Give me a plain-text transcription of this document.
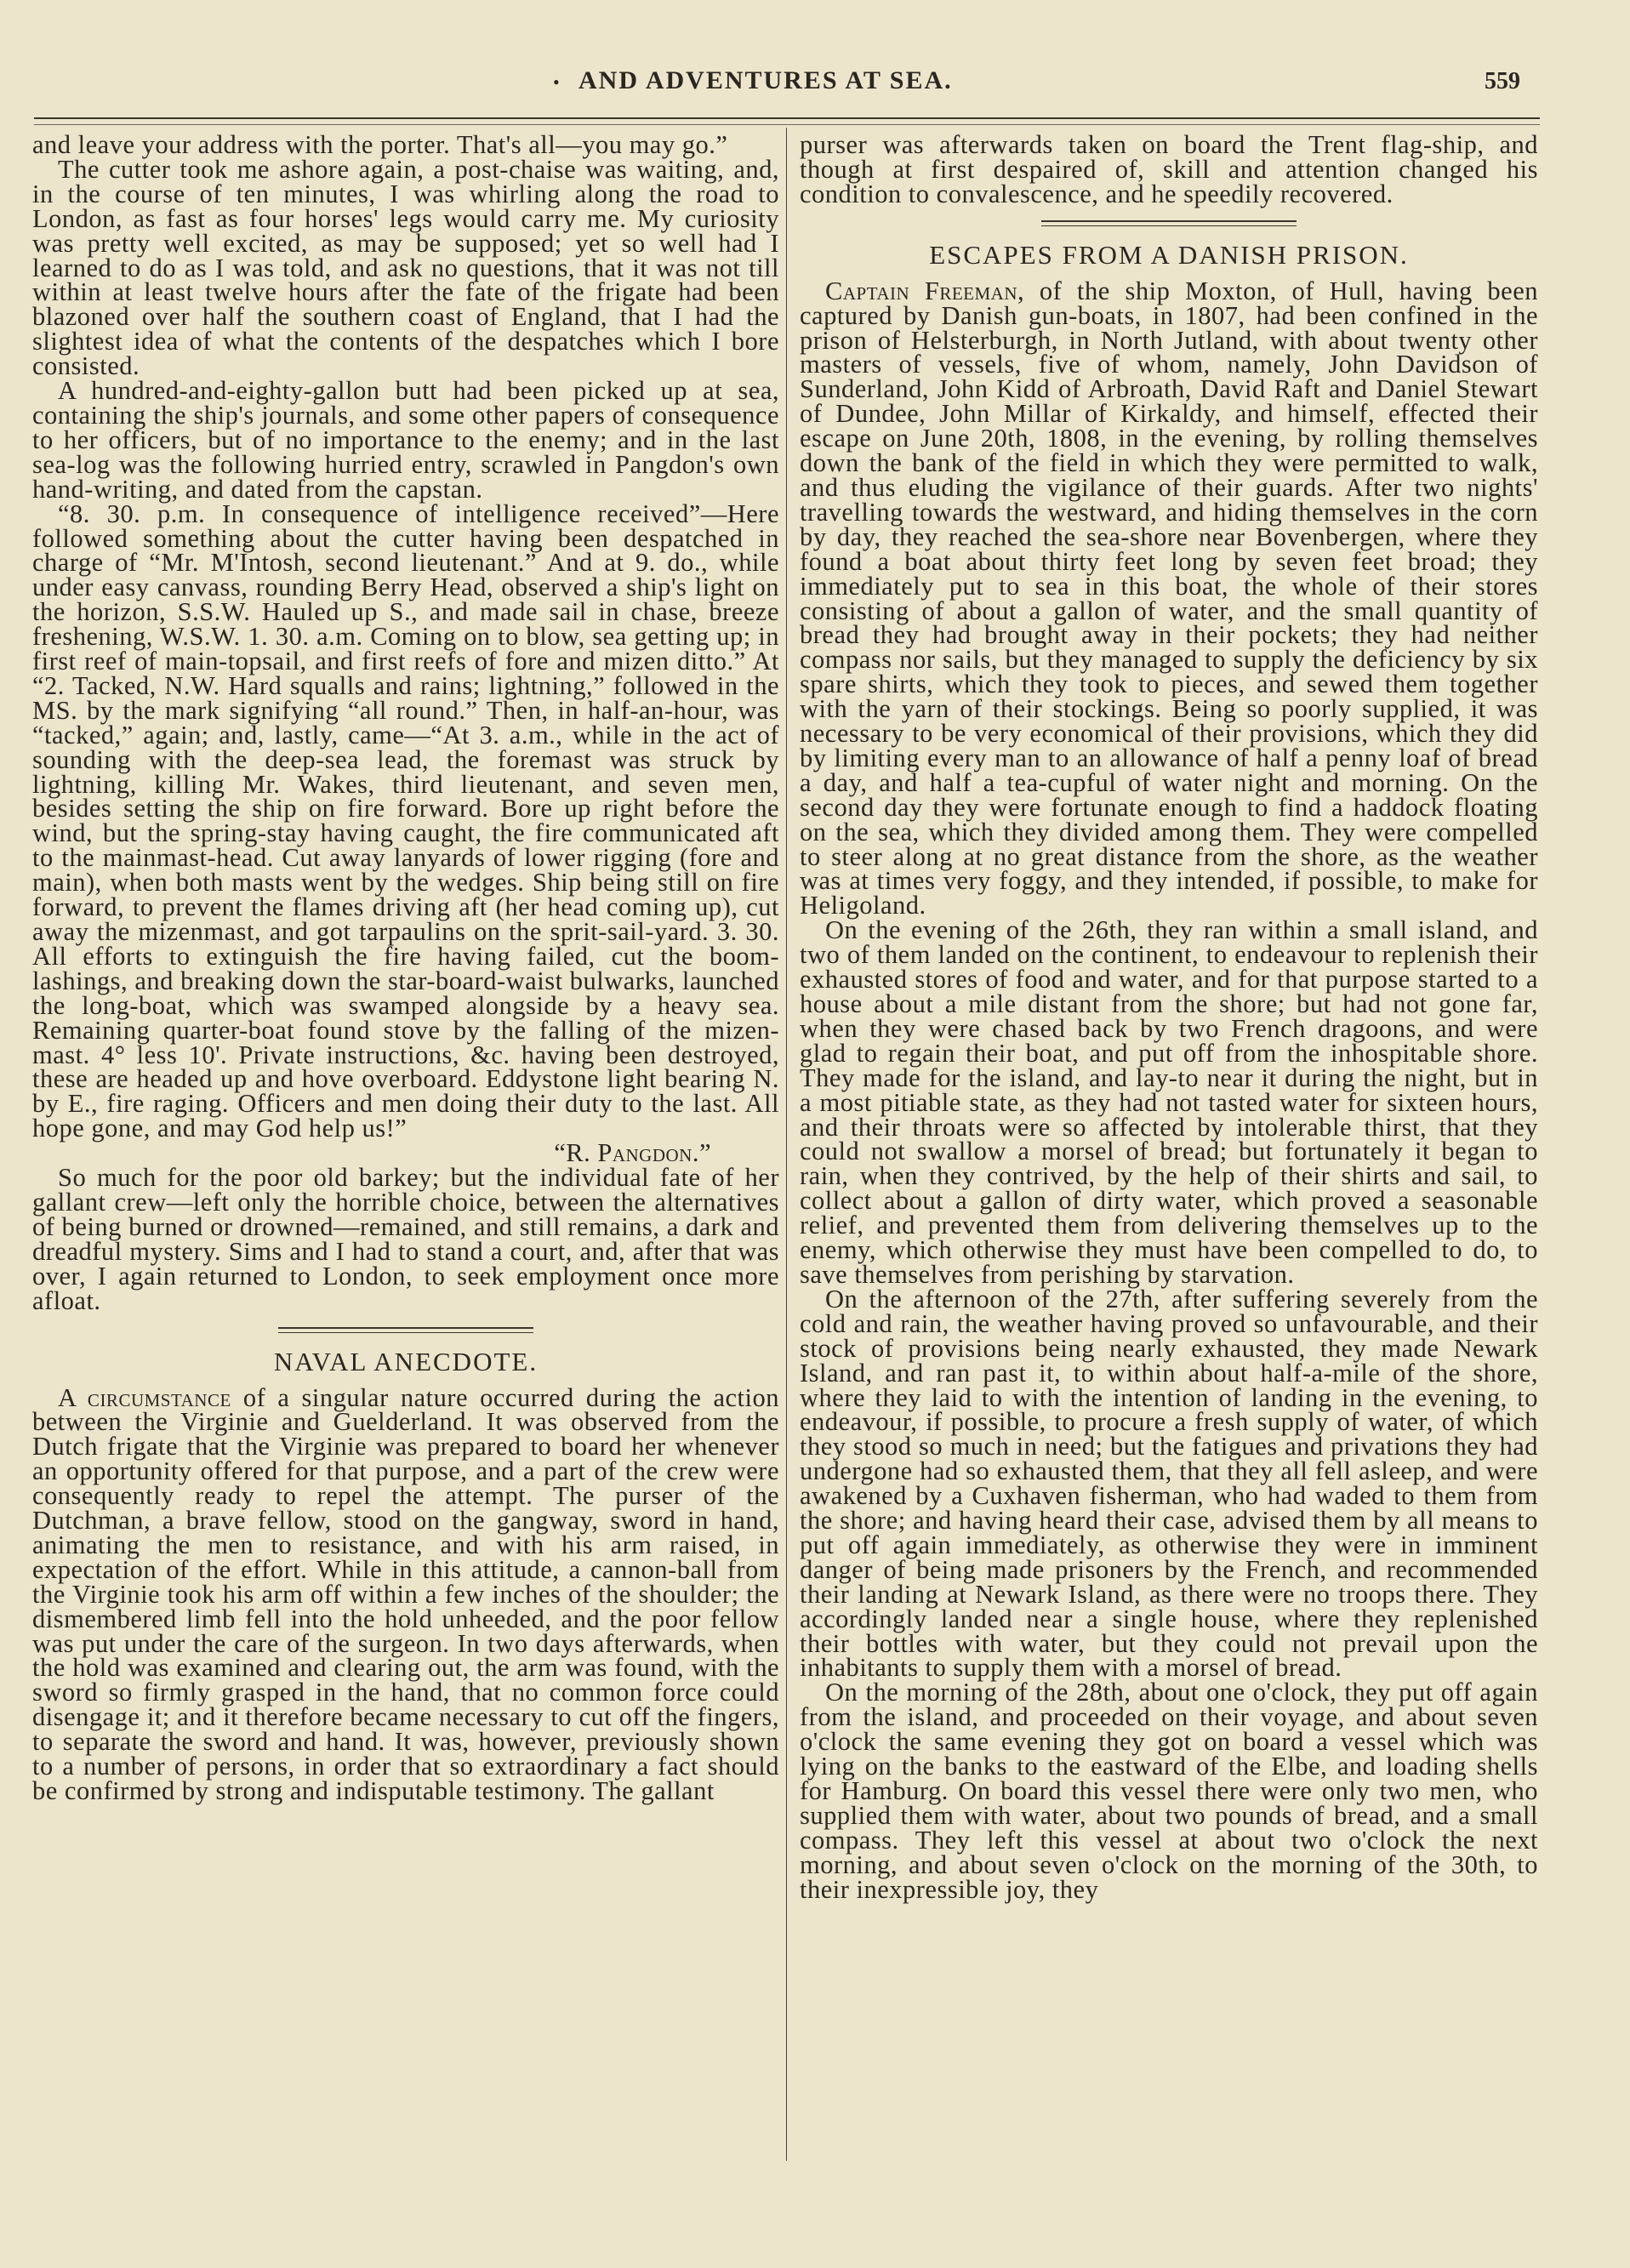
• AND ADVENTURES AT SEA.	559

and leave your address with the porter. That's all—you may go.”

The cutter took me ashore again, a post-chaise was waiting, and, in the course of ten minutes, I was whirling along the road to London, as fast as four horses' legs would carry me. My curiosity was pretty well excited, as may be supposed; yet so well had I learned to do as I was told, and ask no questions, that it was not till within at least twelve hours after the fate of the frigate had been blazoned over half the southern coast of England, that I had the slightest idea of what the contents of the despatches which I bore consisted.

A hundred-and-eighty-gallon butt had been picked up at sea, containing the ship's journals, and some other papers of consequence to her officers, but of no importance to the enemy; and in the last sea-log was the following hurried entry, scrawled in Pangdon's own hand-writing, and dated from the capstan.

“8. 30. p.m. In consequence of intelligence received”—Here followed something about the cutter having been despatched in charge of “Mr. M'Intosh, second lieutenant.” And at 9. do., while under easy canvass, rounding Berry Head, observed a ship's light on the horizon, S.S.W. Hauled up S., and made sail in chase, breeze freshening, W.S.W. 1. 30. a.m. Coming on to blow, sea getting up; in first reef of main-topsail, and first reefs of fore and mizen ditto.” At “2. Tacked, N.W. Hard squalls and rains; lightning,” followed in the MS. by the mark signifying “all round.” Then, in half-an-hour, was “tacked,” again; and, lastly, came—“At 3. a.m., while in the act of sounding with the deep-sea lead, the foremast was struck by lightning, killing Mr. Wakes, third lieutenant, and seven men, besides setting the ship on fire forward. Bore up right before the wind, but the spring-stay having caught, the fire communicated aft to the mainmast-head. Cut away lanyards of lower rigging (fore and main), when both masts went by the wedges. Ship being still on fire forward, to prevent the flames driving aft (her head coming up), cut away the mizenmast, and got tarpaulins on the sprit-sail-yard. 3. 30. All efforts to extinguish the fire having failed, cut the boom-lashings, and breaking down the star-board-waist bulwarks, launched the long-boat, which was swamped alongside by a heavy sea. Remaining quarter-boat found stove by the falling of the mizen-mast. 4° less 10'. Private instructions, &c. having been destroyed, these are headed up and hove overboard. Eddystone light bearing N. by E., fire raging. Officers and men doing their duty to the last. All hope gone, and may God help us!”

“R. Pangdon.”

So much for the poor old barkey; but the individual fate of her gallant crew—left only the horrible choice, between the alternatives of being burned or drowned—remained, and still remains, a dark and dreadful mystery. Sims and I had to stand a court, and, after that was over, I again returned to London, to seek employment once more afloat.

NAVAL ANECDOTE.

A circumstance of a singular nature occurred during the action between the Virginie and Guelderland. It was observed from the Dutch frigate that the Virginie was prepared to board her whenever an opportunity offered for that purpose, and a part of the crew were consequently ready to repel the attempt. The purser of the Dutchman, a brave fellow, stood on the gangway, sword in hand, animating the men to resistance, and with his arm raised, in expectation of the effort. While in this attitude, a cannon-ball from the Virginie took his arm off within a few inches of the shoulder; the dismembered limb fell into the hold unheeded, and the poor fellow was put under the care of the surgeon. In two days afterwards, when the hold was examined and clearing out, the arm was found, with the sword so firmly grasped in the hand, that no common force could disengage it; and it therefore became necessary to cut off the fingers, to separate the sword and hand. It was, however, previously shown to a number of persons, in order that so extraordinary a fact should be confirmed by strong and indisputable testimony. The gallant

purser was afterwards taken on board the Trent flag-ship, and though at first despaired of, skill and attention changed his condition to convalescence, and he speedily recovered.

ESCAPES FROM A DANISH PRISON.

Captain Freeman, of the ship Moxton, of Hull, having been captured by Danish gun-boats, in 1807, had been confined in the prison of Helsterburgh, in North Jutland, with about twenty other masters of vessels, five of whom, namely, John Davidson of Sunderland, John Kidd of Arbroath, David Raft and Daniel Stewart of Dundee, John Millar of Kirkaldy, and himself, effected their escape on June 20th, 1808, in the evening, by rolling themselves down the bank of the field in which they were permitted to walk, and thus eluding the vigilance of their guards. After two nights' travelling towards the westward, and hiding themselves in the corn by day, they reached the sea-shore near Bovenbergen, where they found a boat about thirty feet long by seven feet broad; they immediately put to sea in this boat, the whole of their stores consisting of about a gallon of water, and the small quantity of bread they had brought away in their pockets; they had neither compass nor sails, but they managed to supply the deficiency by six spare shirts, which they took to pieces, and sewed them together with the yarn of their stockings. Being so poorly supplied, it was necessary to be very economical of their provisions, which they did by limiting every man to an allowance of half a penny loaf of bread a day, and half a tea-cupful of water night and morning. On the second day they were fortunate enough to find a haddock floating on the sea, which they divided among them. They were compelled to steer along at no great distance from the shore, as the weather was at times very foggy, and they intended, if possible, to make for Heligoland.

On the evening of the 26th, they ran within a small island, and two of them landed on the continent, to endeavour to replenish their exhausted stores of food and water, and for that purpose started to a house about a mile distant from the shore; but had not gone far, when they were chased back by two French dragoons, and were glad to regain their boat, and put off from the inhospitable shore. They made for the island, and lay-to near it during the night, but in a most pitiable state, as they had not tasted water for sixteen hours, and their throats were so affected by intolerable thirst, that they could not swallow a morsel of bread; but fortunately it began to rain, when they contrived, by the help of their shirts and sail, to collect about a gallon of dirty water, which proved a seasonable relief, and prevented them from delivering themselves up to the enemy, which otherwise they must have been compelled to do, to save themselves from perishing by starvation.

On the afternoon of the 27th, after suffering severely from the cold and rain, the weather having proved so unfavourable, and their stock of provisions being nearly exhausted, they made Newark Island, and ran past it, to within about half-a-mile of the shore, where they laid to with the intention of landing in the evening, to endeavour, if possible, to procure a fresh supply of water, of which they stood so much in need; but the fatigues and privations they had undergone had so exhausted them, that they all fell asleep, and were awakened by a Cuxhaven fisherman, who had waded to them from the shore; and having heard their case, advised them by all means to put off again immediately, as otherwise they were in imminent danger of being made prisoners by the French, and recommended their landing at Newark Island, as there were no troops there. They accordingly landed near a single house, where they replenished their bottles with water, but they could not prevail upon the inhabitants to supply them with a morsel of bread.

On the morning of the 28th, about one o'clock, they put off again from the island, and proceeded on their voyage, and about seven o'clock the same evening they got on board a vessel which was lying on the banks to the eastward of the Elbe, and loading shells for Hamburg. On board this vessel there were only two men, who supplied them with water, about two pounds of bread, and a small compass. They left this vessel at about two o'clock the next morning, and about seven o'clock on the morning of the 30th, to their inexpressible joy, they
